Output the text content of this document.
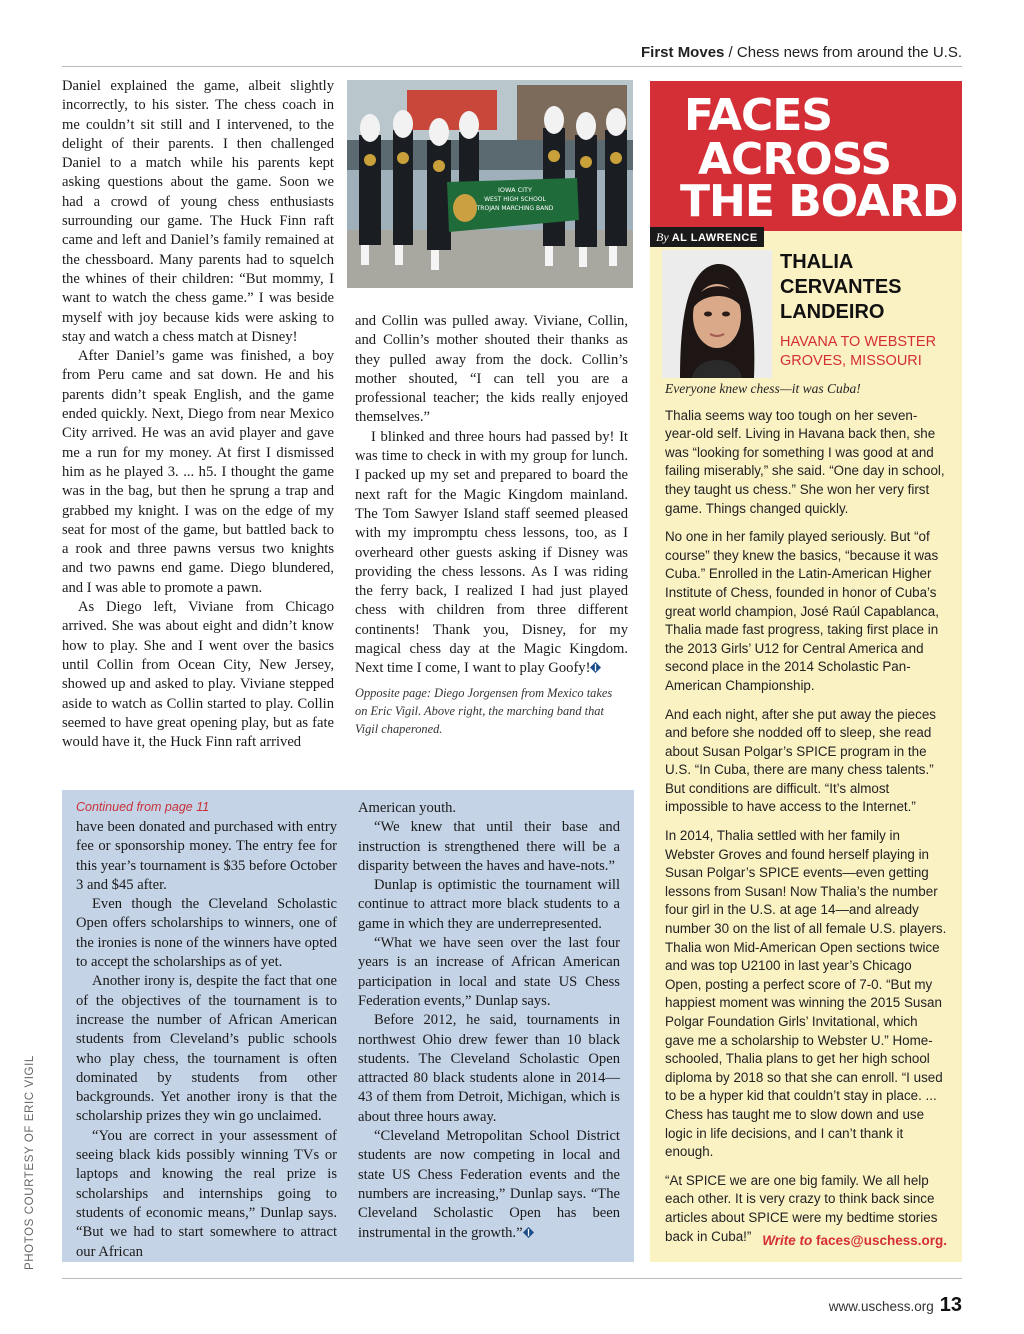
First Moves / Chess news from around the U.S.

Daniel explained the game, albeit slightly incorrectly, to his sister. The chess coach in me couldn’t sit still and I intervened, to the delight of their parents. I then challenged Daniel to a match while his parents kept asking questions about the game. Soon we had a crowd of young chess enthusiasts surrounding our game. The Huck Finn raft came and left and Daniel’s family remained at the chessboard. Many parents had to squelch the whines of their children: “But mommy, I want to watch the chess game.” I was beside myself with joy because kids were asking to stay and watch a chess match at Disney!

After Daniel’s game was finished, a boy from Peru came and sat down. He and his parents didn’t speak English, and the game ended quickly. Next, Diego from near Mexico City arrived. He was an avid player and gave me a run for my money. At first I dismissed him as he played 3. ... h5. I thought the game was in the bag, but then he sprung a trap and grabbed my knight. I was on the edge of my seat for most of the game, but battled back to a rook and three pawns versus two knights and two pawns end game. Diego blundered, and I was able to promote a pawn.

As Diego left, Viviane from Chicago arrived. She was about eight and didn’t know how to play. She and I went over the basics until Collin from Ocean City, New Jersey, showed up and asked to play. Viviane stepped aside to watch as Collin started to play. Collin seemed to have great opening play, but as fate would have it, the Huck Finn raft arrived

IOWA CITY
WEST HIGH SCHOOL
TROJAN MARCHING BAND

and Collin was pulled away. Viviane, Collin, and Collin’s mother shouted their thanks as they pulled away from the dock. Collin’s mother shouted, “I can tell you are a professional teacher; the kids really enjoyed themselves.”

I blinked and three hours had passed by! It was time to check in with my group for lunch. I packed up my set and prepared to board the next raft for the Magic Kingdom mainland. The Tom Sawyer Island staff seemed pleased with my impromptu chess lessons, too, as I overheard other guests asking if Disney was providing the chess lessons. As I was riding the ferry back, I realized I had just played chess with children from three different continents! Thank you, Disney, for my magical chess day at the Magic Kingdom. Next time I come, I want to play Goofy!

Opposite page: Diego Jorgensen from Mexico takes on Eric Vigil. Above right, the marching band that Vigil chaperoned.
Continued from page 11

have been donated and purchased with entry fee or sponsorship money. The entry fee for this year’s tournament is $35 before October 3 and $45 after.

Even though the Cleveland Scholastic Open offers scholarships to winners, one of the ironies is none of the winners have opted to accept the scholarships as of yet.

Another irony is, despite the fact that one of the objectives of the tournament is to increase the number of African American students from Cleveland’s public schools who play chess, the tournament is often dominated by students from other backgrounds. Yet another irony is that the scholarship prizes they win go unclaimed.

“You are correct in your assessment of seeing black kids possibly winning TVs or laptops and knowing the real prize is scholarships and internships going to students of economic means,” Dunlap says. “But we had to start somewhere to attract our African

American youth.

“We knew that until their base and instruction is strengthened there will be a disparity between the haves and have-nots.”

Dunlap is optimistic the tournament will continue to attract more black students to a game in which they are underrepresented.

“What we have seen over the last four years is an increase of African American participation in local and state US Chess Federation events,” Dunlap says.

Before 2012, he said, tournaments in northwest Ohio drew fewer than 10 black students. The Cleveland Scholastic Open attracted 80 black students alone in 2014—43 of them from Detroit, Michigan, which is about three hours away.

“Cleveland Metropolitan School District students are now competing in local and state US Chess Federation events and the numbers are increasing,” Dunlap says. “The Cleveland Scholastic Open has been instrumental in the growth.”

FACES
ACROSS
THE BOARD
By AL LAWRENCE
THALIA
CERVANTES
LANDEIRO
HAVANA TO WEBSTER GROVES, MISSOURI

Everyone knew chess—it was Cuba!

Thalia seems way too tough on her seven-year-old self. Living in Havana back then, she was “looking for something I was good at and failing miserably,” she said. “One day in school, they taught us chess.” She won her very first game. Things changed quickly.

No one in her family played seriously. But “of course” they knew the basics, “because it was Cuba.” Enrolled in the Latin-American Higher Institute of Chess, founded in honor of Cuba’s great world champion, José Raúl Capablanca, Thalia made fast progress, taking first place in the 2013 Girls’ U12 for Central America and second place in the 2014 Scholastic Pan-American Championship.

And each night, after she put away the pieces and before she nodded off to sleep, she read about Susan Polgar’s SPICE program in the U.S. “In Cuba, there are many chess talents.” But conditions are difficult. “It’s almost impossible to have access to the Internet.”

In 2014, Thalia settled with her family in Webster Groves and found herself playing in Susan Polgar’s SPICE events—even getting lessons from Susan! Now Thalia’s the number four girl in the U.S. at age 14—and already number 30 on the list of all female U.S. players. Thalia won Mid-American Open sections twice and was top U2100 in last year’s Chicago Open, posting a perfect score of 7-0. “But my happiest moment was winning the 2015 Susan Polgar Foundation Girls’ Invitational, which gave me a scholarship to Webster U.” Home-schooled, Thalia plans to get her high school diploma by 2018 so that she can enroll. “I used to be a hyper kid that couldn’t stay in place. ... Chess has taught me to slow down and use logic in life decisions, and I can’t thank it enough.

“At SPICE we are one big family. We all help each other. It is very crazy to think back since articles about SPICE were my bedtime stories back in Cuba!” Write to faces@uschess.org.
PHOTOS COURTESY OF ERIC VIGIL
www.uschess.org 13
